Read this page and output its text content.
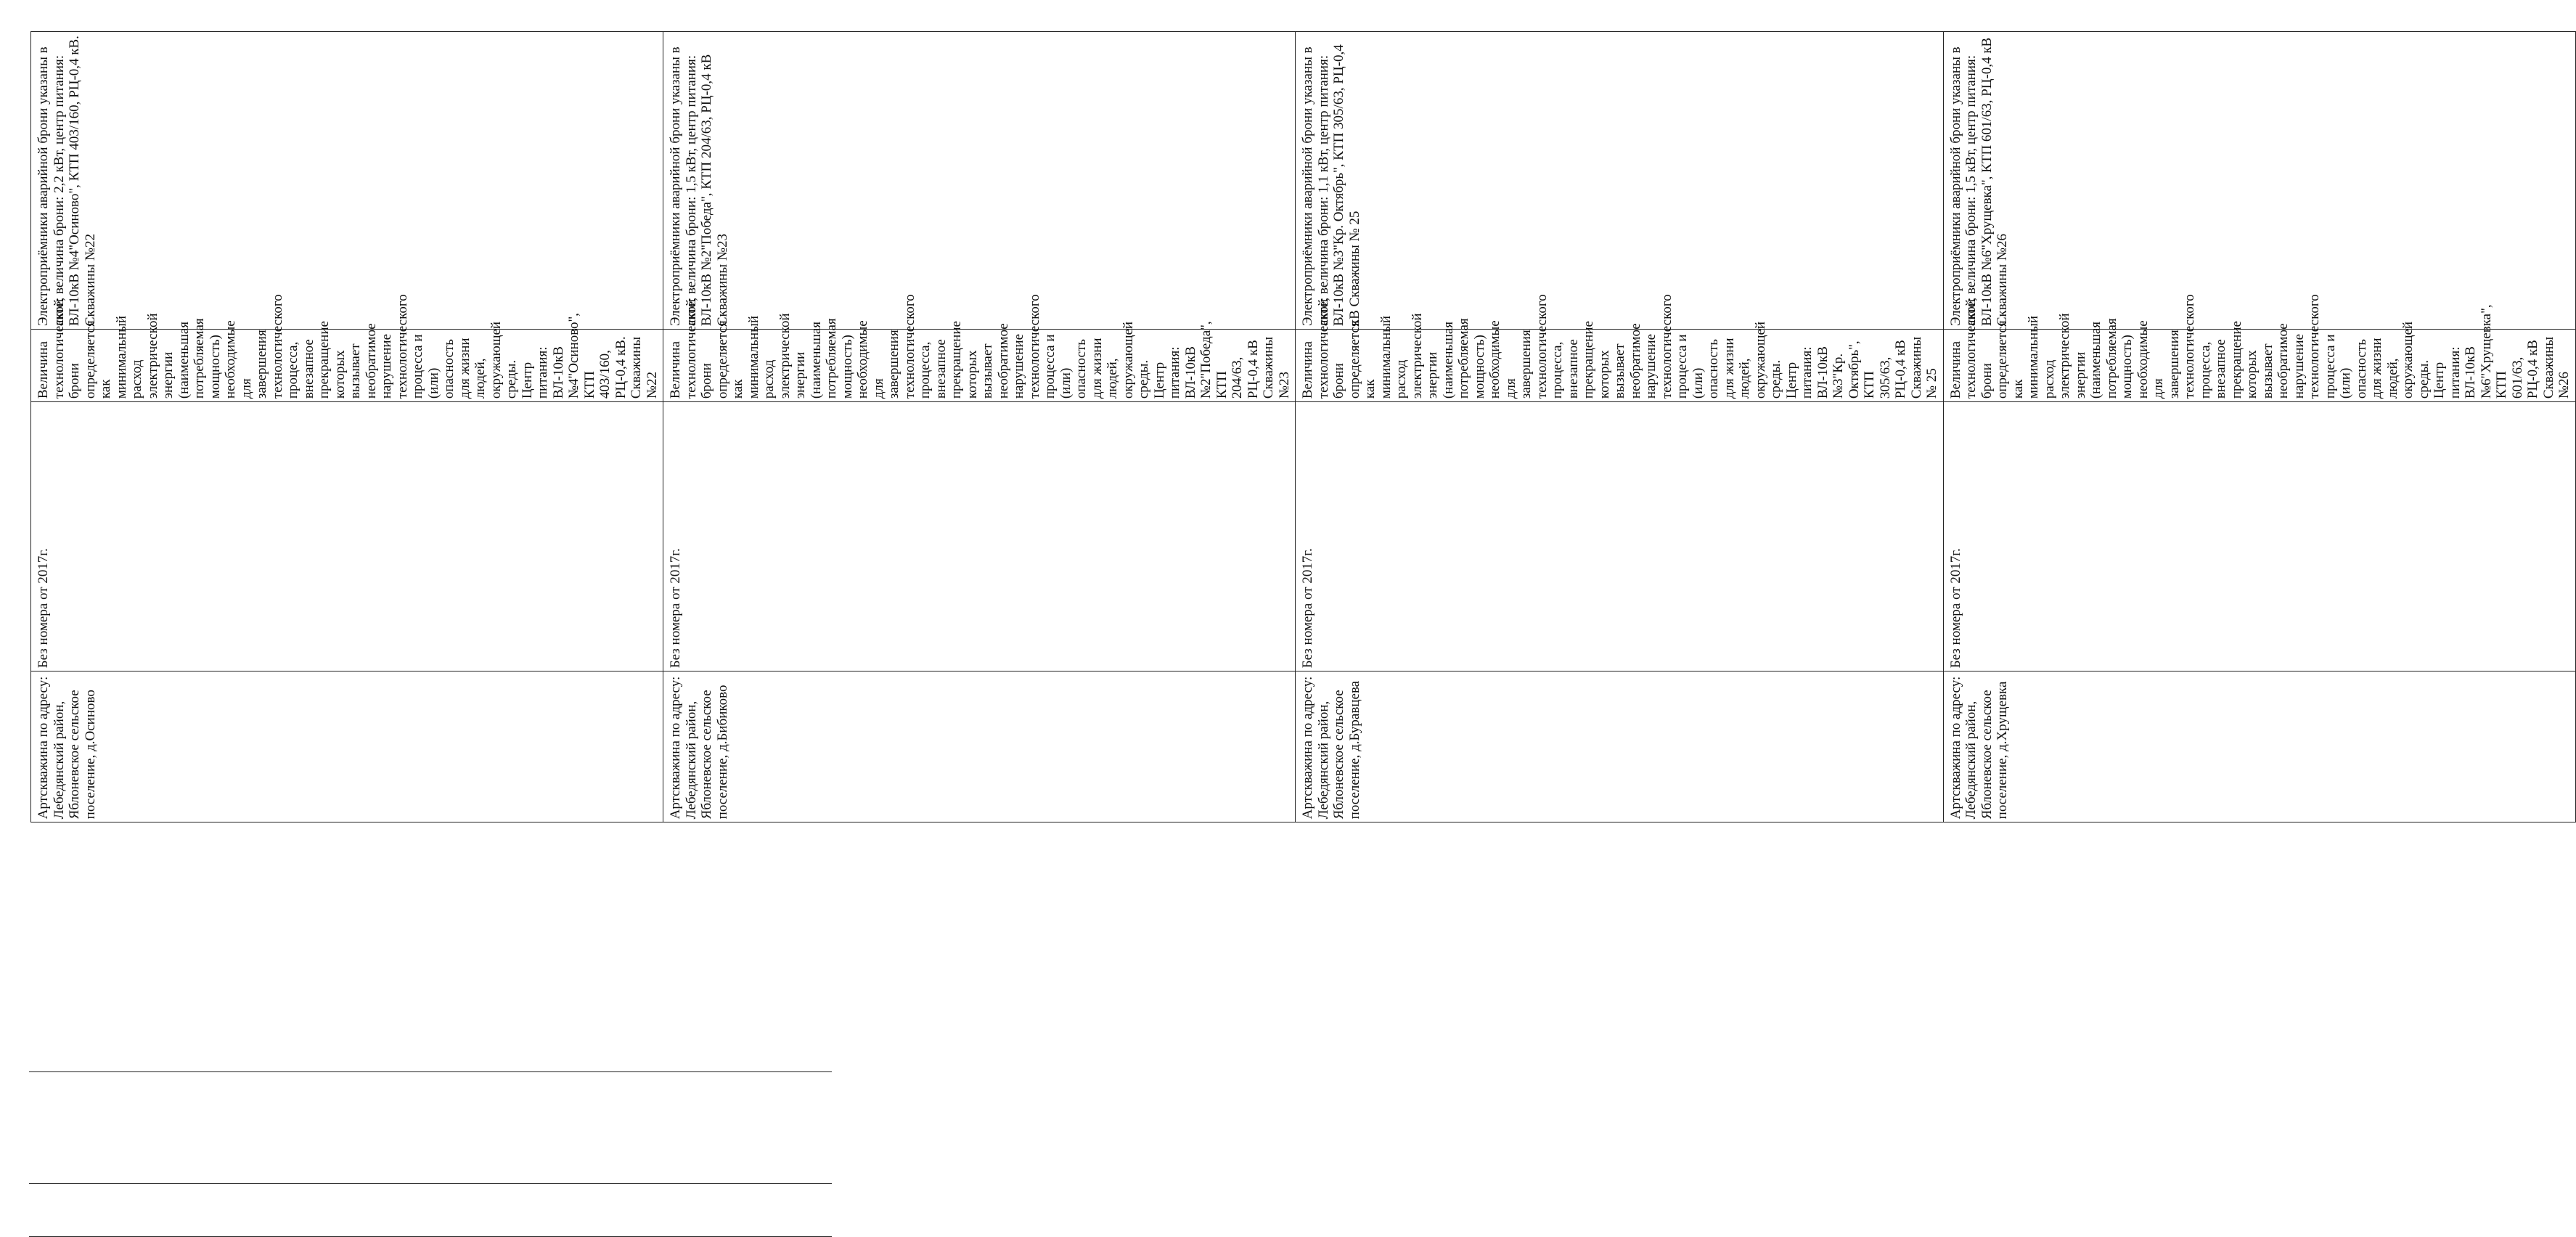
	Артскважина по адресу: Лебедянский район, Яблоневское сельское поселение, д.Осиново	Без номера от 2017г.	Величина технологической брони определяется как минимальный расход электрической энергии (наименьшая потребляемая мощность) необходимые для завершения технологического процесса, внезапное прекращение которых вызывает необратимое нарушение технологического процесса и (или) опасность для жизни людей, окружающей среды. Центр питания: ВЛ-10кВ №4"Осиново", КТП 403/160, РЦ-0,4 кВ. Скважины №22	Электроприёмники аварийной брони указаны в акте; величина брони: 2,2 кВт, центр питания: ВЛ-10кВ №4"Осиново", КТП 403/160, РЦ-0,4 кВ. Скважины №22
	Артскважина по адресу: Лебедянский район, Яблоневское сельское поселение, д.Бибиково	Без номера от 2017г.	Величина технологической брони определяется как минимальный расход электрической энергии (наименьшая потребляемая мощность) необходимые для завершения технологического процесса, внезапное прекращение которых вызывает необратимое нарушение технологического процесса и (или) опасность для жизни людей, окружающей среды. Центр питания: ВЛ-10кВ №2"Победа", КТП 204/63, РЦ-0,4 кВ Скважины №23	Электроприёмники аварийной брони указаны в акте; величина брони: 1,5 кВт, центр питания: ВЛ-10кВ №2"Победа", КТП 204/63, РЦ-0,4 кВ Скважины №23
	Артскважина по адресу: Лебедянский район, Яблоневское сельское поселение, д.Буравцева	Без номера от 2017г.	Величина технологической брони определяется как минимальный расход электрической энергии (наименьшая потребляемая мощность) необходимые для завершения технологического процесса, внезапное прекращение которых вызывает необратимое нарушение технологического процесса и (или) опасность для жизни людей, окружающей среды. Центр питания: ВЛ-10кВ №3"Кр. Октябрь", КТП 305/63, РЦ-0,4 кВ Скважины № 25	Электроприёмники аварийной брони указаны в акте; величина брони: 1,1 кВт, центр питания: ВЛ-10кВ №3"Кр. Октябрь", КТП 305/63, РЦ-0,4 кВ Скважины № 25
	Артскважина по адресу: Лебедянский район, Яблоневское сельское поселение, д.Хрущевка	Без номера от 2017г.	Величина технологической брони определяется как минимальный расход электрической энергии (наименьшая потребляемая мощность) необходимые для завершения технологического процесса, внезапное прекращение которых вызывает необратимое нарушение технологического процесса и (или) опасность для жизни людей, окружающей среды. Центр питания: ВЛ-10кВ №6"Хрущевка", КТП 601/63, РЦ-0,4 кВ Скважины №26	Электроприёмники аварийной брони указаны в акте; величина брони: 1,5 кВт, центр питания: ВЛ-10кВ №6"Хрущевка", КТП 601/63, РЦ-0,4 кВ Скважины №26
